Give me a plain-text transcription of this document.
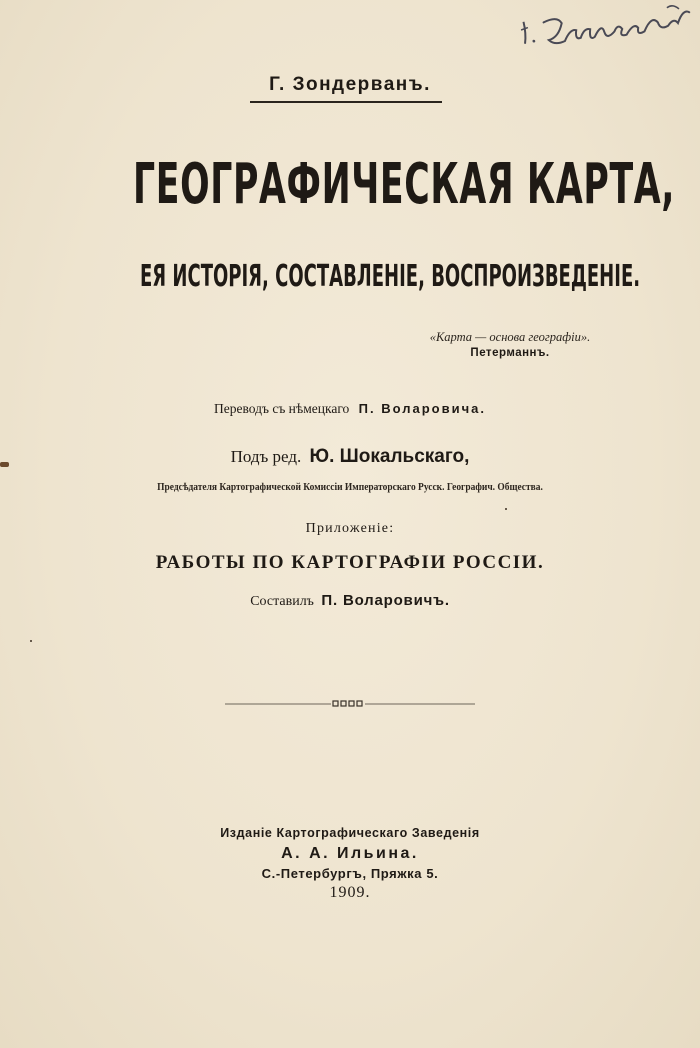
Г. Зондерванъ.
ГЕОГРАФИЧЕСКАЯ КАРТА,
ЕЯ ИСТОРІЯ, СОСТАВЛЕНІЕ, ВОСПРОИЗВЕДЕНІЕ.
«Карта — основа географіи».
Петерманнъ.
Переводъ съ нѣмецкаго П. Воларовича.
Подъ ред. Ю. Шокальскаго,
Предсѣдателя Картографической Комиссіи Императорскаго Русск. Географич. Общества.
Приложеніе:
РАБОТЫ ПО КАРТОГРАФІИ РОССІИ.
Составилъ П. Воларовичъ.
Изданіе Картографическаго Заведенія
А. А. Ильина.
С.-Петербургъ, Пряжка 5.
1909.
